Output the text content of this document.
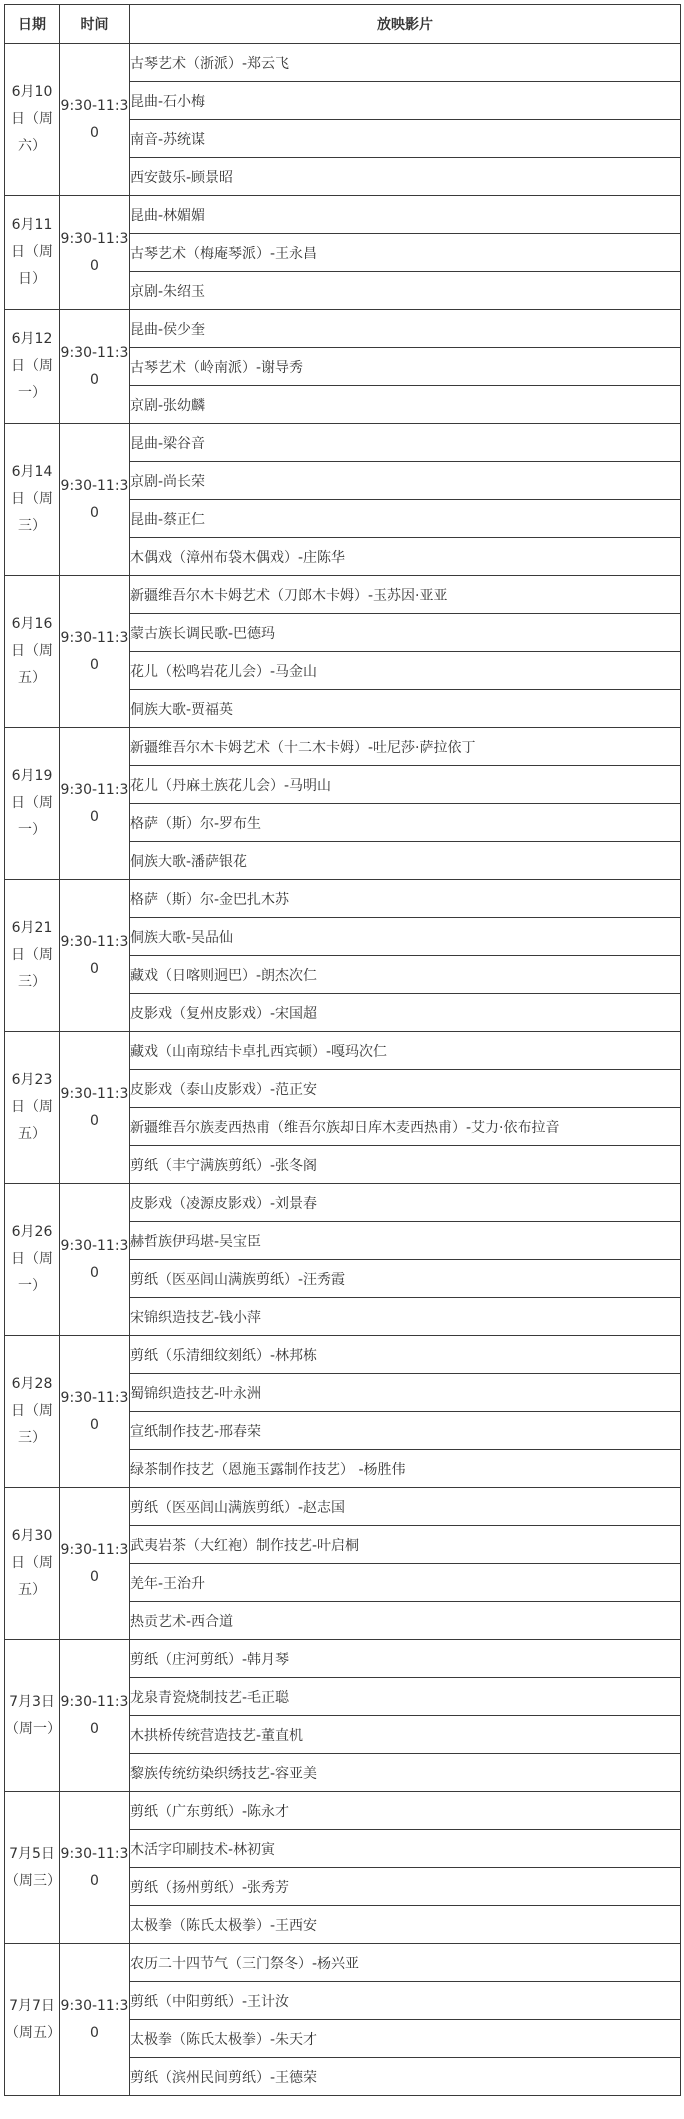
日期	时间	放映影片
6月10日（周六）	9:30-11:30	古琴艺术（浙派）-郑云飞
		昆曲-石小梅
		南音-苏统谋
		西安鼓乐-顾景昭
6月11日（周日）	9:30-11:30	昆曲-林媚媚
		古琴艺术（梅庵琴派）-王永昌
		京剧-朱绍玉
6月12日（周一）	9:30-11:30	昆曲-侯少奎
		古琴艺术（岭南派）-谢导秀
		京剧-张幼麟
6月14日（周三）	9:30-11:30	昆曲-梁谷音
		京剧-尚长荣
		昆曲-蔡正仁
		木偶戏（漳州布袋木偶戏）-庄陈华
6月16日（周五）	9:30-11:30	新疆维吾尔木卡姆艺术（刀郎木卡姆）-玉苏因·亚亚
		蒙古族长调民歌-巴德玛
		花儿（松鸣岩花儿会）-马金山
		侗族大歌-贾福英
6月19日（周一）	9:30-11:30	新疆维吾尔木卡姆艺术（十二木卡姆）-吐尼莎·萨拉依丁
		花儿（丹麻土族花儿会）-马明山
		格萨（斯）尔-罗布生
		侗族大歌-潘萨银花
6月21日（周三）	9:30-11:30	格萨（斯）尔-金巴扎木苏
		侗族大歌-吴品仙
		藏戏（日喀则迥巴）-朗杰次仁
		皮影戏（复州皮影戏）-宋国超
6月23日（周五）	9:30-11:30	藏戏（山南琼结卡卓扎西宾顿）-嘎玛次仁
		皮影戏（泰山皮影戏）-范正安
		新疆维吾尔族麦西热甫（维吾尔族却日库木麦西热甫）-艾力·依布拉音
		剪纸（丰宁满族剪纸）-张冬阁
6月26日（周一）	9:30-11:30	皮影戏（凌源皮影戏）-刘景春
		赫哲族伊玛堪-吴宝臣
		剪纸（医巫闾山满族剪纸）-汪秀霞
		宋锦织造技艺-钱小萍
6月28日（周三）	9:30-11:30	剪纸（乐清细纹刻纸）-林邦栋
		蜀锦织造技艺-叶永洲
		宣纸制作技艺-邢春荣
		绿茶制作技艺（恩施玉露制作技艺） -杨胜伟
6月30日（周五）	9:30-11:30	剪纸（医巫闾山满族剪纸）-赵志国
		武夷岩茶（大红袍）制作技艺-叶启桐
		羌年-王治升
		热贡艺术-西合道
7月3日（周一）	9:30-11:30	剪纸（庄河剪纸）-韩月琴
		龙泉青瓷烧制技艺-毛正聪
		木拱桥传统营造技艺-董直机
		黎族传统纺染织绣技艺-容亚美
7月5日（周三）	9:30-11:30	剪纸（广东剪纸）-陈永才
		木活字印刷技术-林初寅
		剪纸（扬州剪纸）-张秀芳
		太极拳（陈氏太极拳）-王西安
7月7日（周五）	9:30-11:30	农历二十四节气（三门祭冬）-杨兴亚
		剪纸（中阳剪纸）-王计汝
		太极拳（陈氏太极拳）-朱天才
		剪纸（滨州民间剪纸）-王德荣
